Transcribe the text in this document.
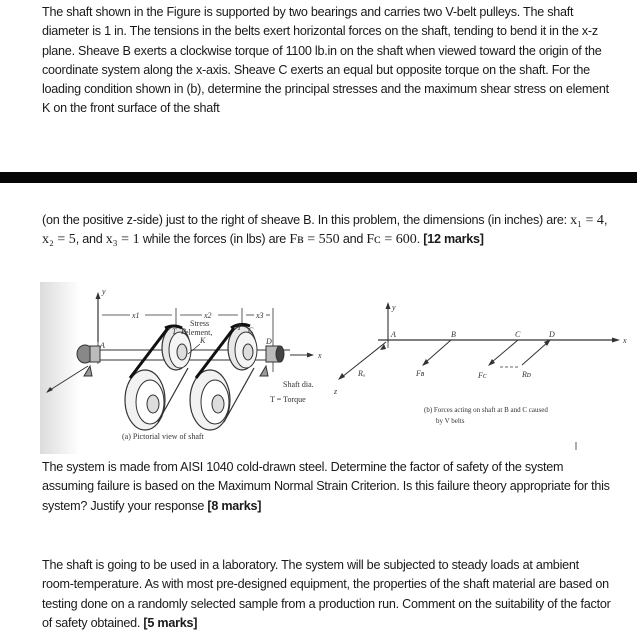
The shaft shown in the Figure is supported by two bearings and carries two V-belt pulleys. The shaft diameter is 1 in. The tensions in the belts exert horizontal forces on the shaft, tending to bend it in the x-z plane. Sheave B exerts a clockwise torque of 1100 lb.in on the shaft when viewed toward the origin of the coordinate system along the x-axis. Sheave C exerts an equal but opposite torque on the shaft. For the loading condition shown in (b), determine the principal stresses and the maximum shear stress on element K on the front surface of the shaft
(on the positive z-side) just to the right of sheave B. In this problem, the dimensions (in inches) are: x₁ = 4, x₂ = 5, and x₃ = 1 while the forces (in lbs) are Fʙ = 550 and Fᴄ = 600. [12 marks]
y
x1	x2	x3
Stress
element,
K
T B	T C
A	D
x
Shaft dia.
T = Torque
(a) Pictorial view of shaft
y
A	B	C	D
x
z
Rₐ	Fʙ	Fᴄ	Rᴅ
(b) Forces acting on shaft at B and C caused
by V belts
The system is made from AISI 1040 cold-drawn steel. Determine the factor of safety of the system assuming failure is based on the Maximum Normal Strain Criterion. Is this failure theory appropriate for this system? Justify your response [8 marks]
The shaft is going to be used in a laboratory. The system will be subjected to steady loads at ambient room-temperature. As with most pre-designed equipment, the properties of the shaft material are based on testing done on a randomly selected sample from a production run. Comment on the suitability of the factor of safety obtained. [5 marks]
